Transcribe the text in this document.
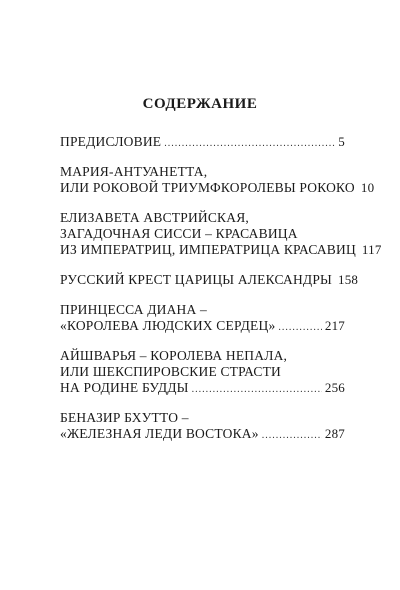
СОДЕРЖАНИЕ
ПРЕДИСЛОВИЕ .....	5
МАРИЯ-АНТУАНЕТТА,
ИЛИ РОКОВОЙ ТРИУМФКОРОЛЕВЫ РОКОКО 10
ЕЛИЗАВЕТА АВСТРИЙСКАЯ,
ЗАГАДОЧНАЯ СИССИ – КРАСАВИЦА
ИЗ ИМПЕРАТРИЦ, ИМПЕРАТРИЦА КРАСАВИЦ 117
РУССКИЙ КРЕСТ ЦАРИЦЫ АЛЕКСАНДРЫ 158
ПРИНЦЕССА ДИАНА –
«КОРОЛЕВА ЛЮДСКИХ СЕРДЕЦ» .....	217
АЙШВАРЬЯ – КОРОЛЕВА НЕПАЛА,
ИЛИ ШЕКСПИРОВСКИЕ СТРАСТИ
НА РОДИНЕ БУДДЫ .....	256
БЕНАЗИР БХУТТО –
«ЖЕЛЕЗНАЯ ЛЕДИ ВОСТОКА» .....	287
